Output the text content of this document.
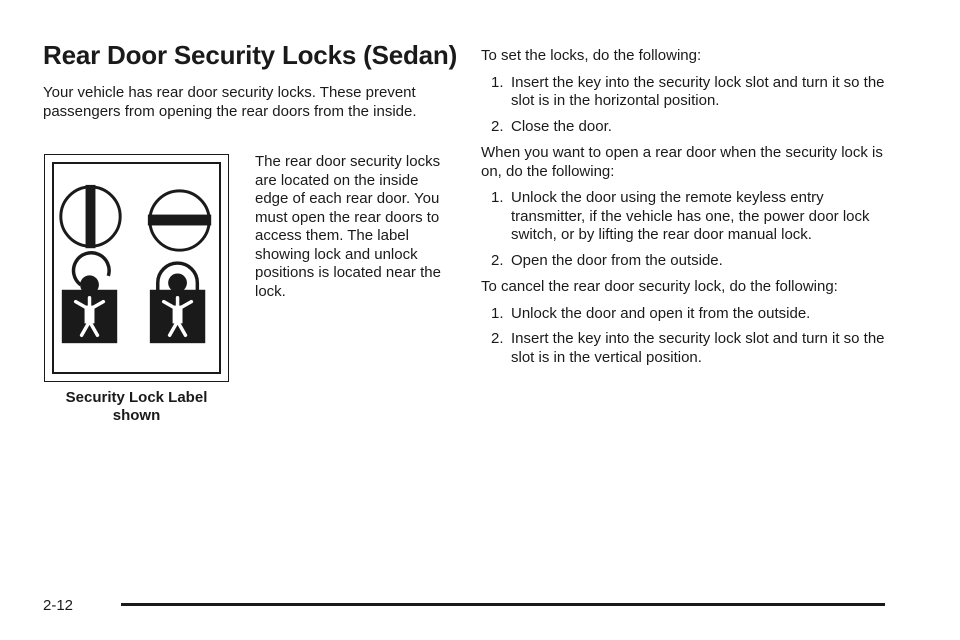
Rear Door Security Locks (Sedan)

Your vehicle has rear door security locks. These prevent passengers from opening the rear doors from the inside.

Security Lock Label shown

The rear door security locks are located on the inside edge of each rear door. You must open the rear doors to access them. The label showing lock and unlock positions is located near the lock.

To set the locks, do the following:

1. Insert the key into the security lock slot and turn it so the slot is in the horizontal position.
2. Close the door.

When you want to open a rear door when the security lock is on, do the following:

1. Unlock the door using the remote keyless entry transmitter, if the vehicle has one, the power door lock switch, or by lifting the rear door manual lock.
2. Open the door from the outside.

To cancel the rear door security lock, do the following:

1. Unlock the door and open it from the outside.
2. Insert the key into the security lock slot and turn it so the slot is in the vertical position.
2-12
